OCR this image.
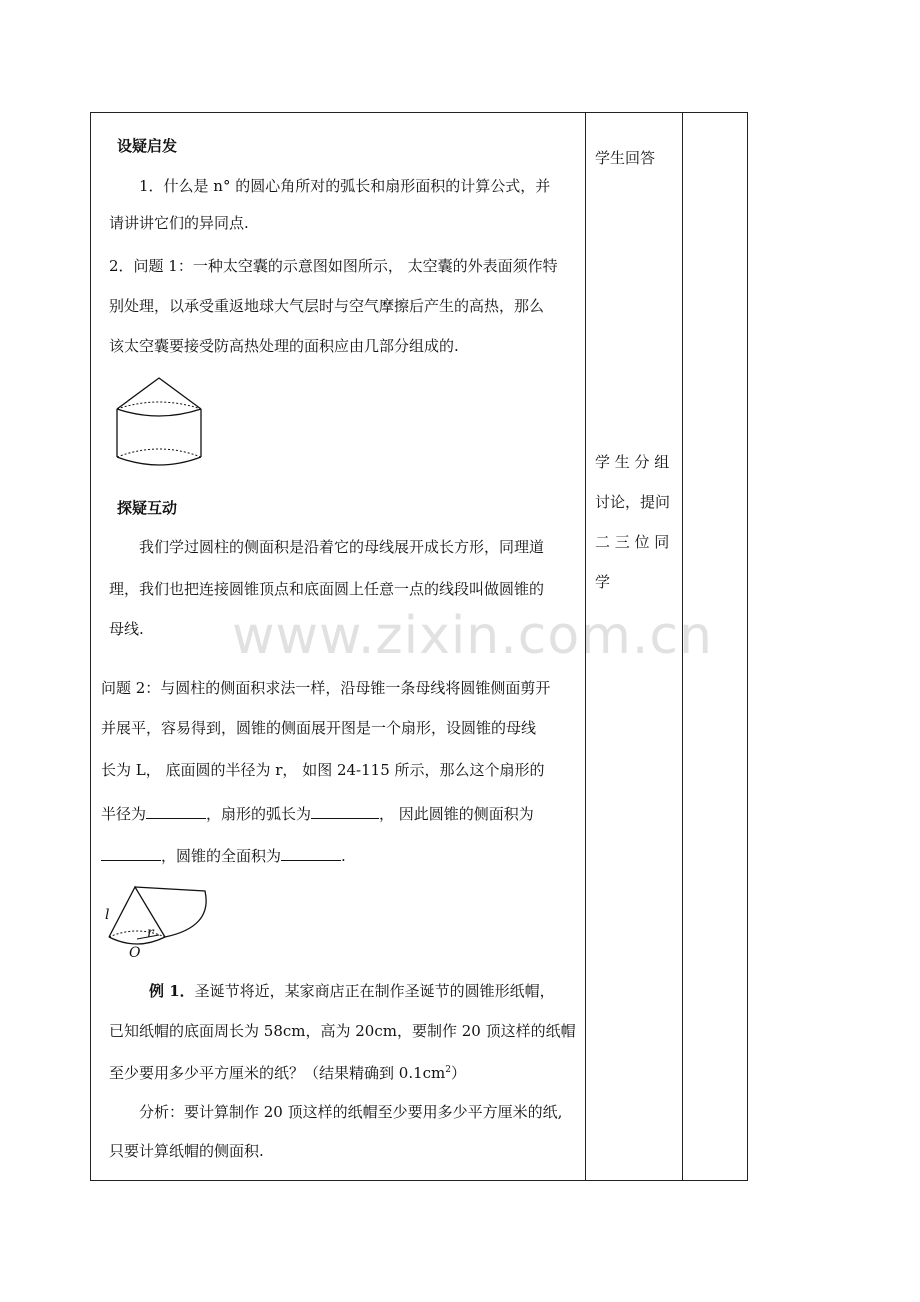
www.zixin.com.cn
设疑启发
1．什么是 n° 的圆心角所对的弧长和扇形面积的计算公式，并
请讲讲它们的异同点.
2．问题 1：一种太空囊的示意图如图所示， 太空囊的外表面须作特
别处理，以承受重返地球大气层时与空气摩擦后产生的高热，那么
该太空囊要接受防高热处理的面积应由几部分组成的.
探疑互动
我们学过圆柱的侧面积是沿着它的母线展开成长方形，同理道
理，我们也把连接圆锥顶点和底面圆上任意一点的线段叫做圆锥的
母线.
问题 2：与圆柱的侧面积求法一样，沿母锥一条母线将圆锥侧面剪开
并展平，容易得到，圆锥的侧面展开图是一个扇形，设圆锥的母线
长为 L， 底面圆的半径为 r， 如图 24-115 所示，那么这个扇形的
半径为	，扇形的弧长为	， 因此圆锥的侧面积为
，圆锥的全面积为	.
l
r
O
例 1．圣诞节将近，某家商店正在制作圣诞节的圆锥形纸帽，
已知纸帽的底面周长为 58cm，高为 20cm，要制作 20 顶这样的纸帽
至少要用多少平方厘米的纸？（结果精确到 $0.1cm^2$）
分析：要计算制作 20 顶这样的纸帽至少要用多少平方厘米的纸,
只要计算纸帽的侧面积.
学生回答
学 生 分 组
讨论，提问
二 三 位 同
学
